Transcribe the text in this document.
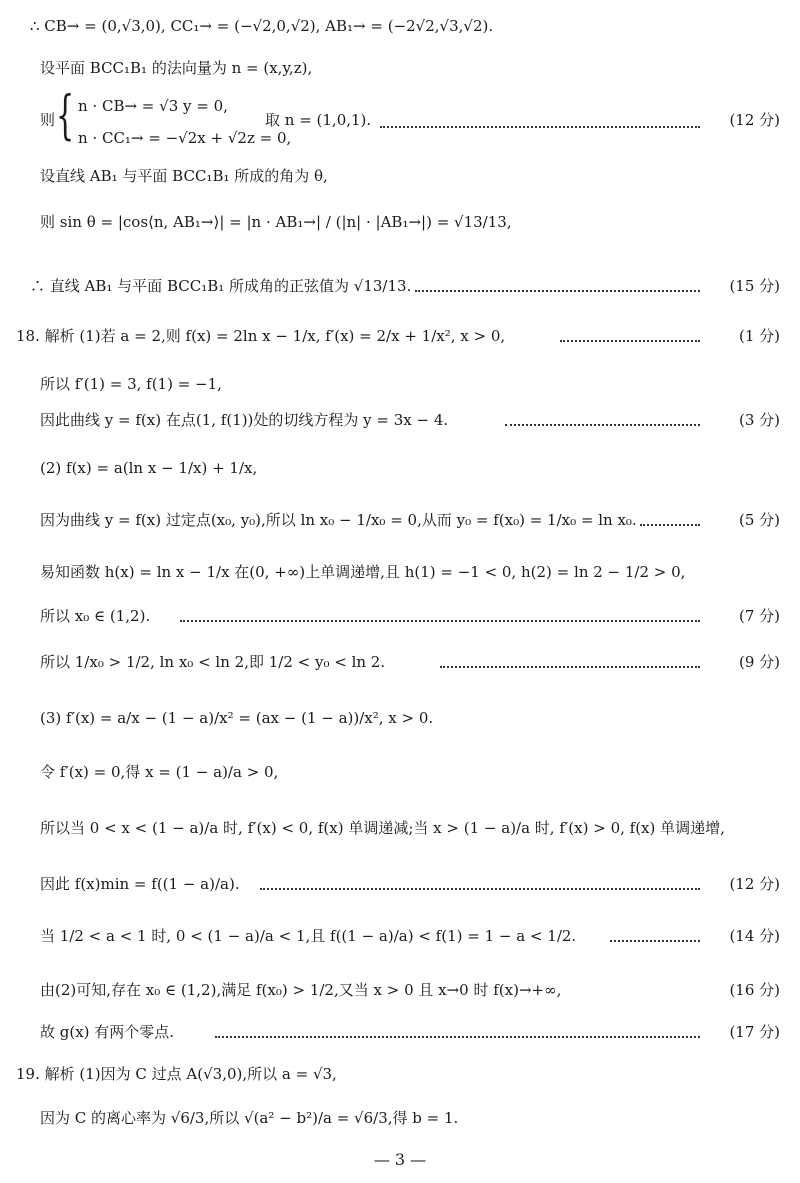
∴ CB→ = (0,√3,0), CC₁→ = (−√2,0,√2), AB₁→ = (−2√2,√3,√2).
设平面 BCC₁B₁ 的法向量为 n = (x,y,z),
则 { n · CB→ = √3 y = 0,
n · CC₁→ = −√2x + √2z = 0,
取 n = (1,0,1).	(12 分)
设直线 AB₁ 与平面 BCC₁B₁ 所成的角为 θ,
则 sin θ = |cos⟨n, AB₁→⟩| = |n · AB₁→| / (|n| · |AB₁→|) = √13/13,
∴ 直线 AB₁ 与平面 BCC₁B₁ 所成角的正弦值为 √13/13.	(15 分)
18. 解析 (1)若 a = 2,则 f(x) = 2ln x − 1/x, f′(x) = 2/x + 1/x², x > 0,	(1 分)
所以 f′(1) = 3, f(1) = −1,
因此曲线 y = f(x) 在点(1, f(1))处的切线方程为 y = 3x − 4.	(3 分)
(2) f(x) = a(ln x − 1/x) + 1/x,
因为曲线 y = f(x) 过定点(x₀, y₀),所以 ln x₀ − 1/x₀ = 0,从而 y₀ = f(x₀) = 1/x₀ = ln x₀.	(5 分)
易知函数 h(x) = ln x − 1/x 在(0, +∞)上单调递增,且 h(1) = −1 < 0, h(2) = ln 2 − 1/2 > 0,
所以 x₀ ∈ (1,2).	(7 分)
所以 1/x₀ > 1/2, ln x₀ < ln 2,即 1/2 < y₀ < ln 2.	(9 分)
(3) f′(x) = a/x − (1 − a)/x² = (ax − (1 − a))/x², x > 0.
令 f′(x) = 0,得 x = (1 − a)/a > 0,
所以当 0 < x < (1 − a)/a 时, f′(x) < 0, f(x) 单调递减;当 x > (1 − a)/a 时, f′(x) > 0, f(x) 单调递增,
因此 f(x)min = f((1 − a)/a).	(12 分)
当 1/2 < a < 1 时, 0 < (1 − a)/a < 1,且 f((1 − a)/a) < f(1) = 1 − a < 1/2.	(14 分)
由(2)可知,存在 x₀ ∈ (1,2),满足 f(x₀) > 1/2,又当 x > 0 且 x→0 时 f(x)→+∞,	(16 分)
故 g(x) 有两个零点.	(17 分)
19. 解析 (1)因为 C 过点 A(√3,0),所以 a = √3,
因为 C 的离心率为 √6/3,所以 √(a² − b²)/a = √6/3,得 b = 1.
— 3 —
